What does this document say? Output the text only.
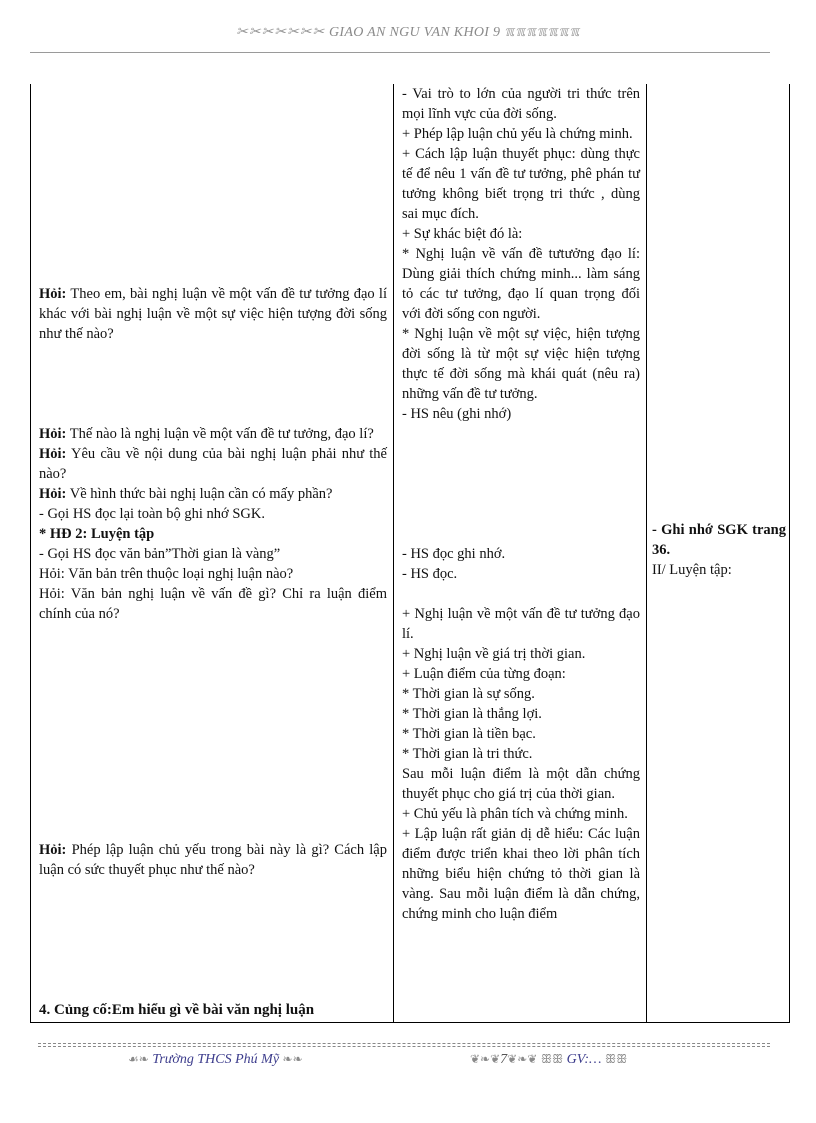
✂✂✂✂✂✂✂ GIAO AN NGU VAN KHOI 9 ℼℼℼℼℼℼℼ

Hỏi: Theo em, bài nghị luận về một vấn đề tư tưởng đạo lí khác với bài nghị luận về một sự việc hiện tượng đời sống như thế nào?

Hỏi: Thế nào là nghị luận về một vấn đề tư tưởng, đạo lí?

Hỏi: Yêu cầu về nội dung của bài nghị luận phải như thế nào?

Hỏi: Về hình thức bài nghị luận cần có mấy phần?

- Gọi HS đọc lại toàn bộ ghi nhớ SGK.

* HĐ 2: Luyện tập

- Gọi HS đọc văn bản”Thời gian là vàng”

Hỏi: Văn bản trên thuộc loại nghị luận nào?

Hỏi: Văn bản nghị luận về vấn đề gì? Chỉ ra luận điểm chính của nó?

Hỏi: Phép lập luận chủ yếu trong bài này là gì? Cách lập luận có sức thuyết phục như thế nào?

4. Củng cố:Em hiểu gì về bài văn nghị luận

- Vai trò to lớn của người tri thức trên mọi lĩnh vực của đời sống.

+ Phép lập luận chủ yếu là chứng minh.

+ Cách lập luận thuyết phục: dùng thực tế để nêu 1 vấn đề tư tưởng, phê phán tư tưởng không biết trọng tri thức , dùng sai mục đích.

+ Sự khác biệt đó là:

* Nghị luận về vấn đề tưtưởng đạo lí: Dùng giải thích chứng minh... làm sáng tỏ các tư tưởng, đạo lí quan trọng đối với đời sống con người.

* Nghị luận về một sự việc, hiện tượng đời sống là từ một sự việc hiện tượng thực tế đời sống mà khái quát (nêu ra) những vấn đề tư tưởng.

- HS nêu (ghi nhớ)

- HS đọc ghi nhớ.

- HS đọc.

+ Nghị luận về một vấn đề tư tưởng đạo lí.

+ Nghị luận về giá trị thời gian.

+ Luận điểm của từng đoạn:

* Thời gian là sự sống.

* Thời gian là thắng lợi.

* Thời gian là tiền bạc.

* Thời gian là tri thức.

Sau mỗi luận điểm là một dẫn chứng thuyết phục cho giá trị của thời gian.

+ Chủ yếu là phân tích và chứng minh.

+ Lập luận rất giản dị dễ hiểu: Các luận điểm được triển khai theo lời phân tích những biểu hiện chứng tỏ thời gian là vàng. Sau mỗi luận điểm là dẫn chứng, chứng minh cho luận điểm

- Ghi nhớ SGK trang 36.

II/ Luyện tập:

☙❧ Trường THCS Phú Mỹ ❧❧	❦❧❦7❦❧❦ ꕥꕥ GV:… ꕥꕥ
